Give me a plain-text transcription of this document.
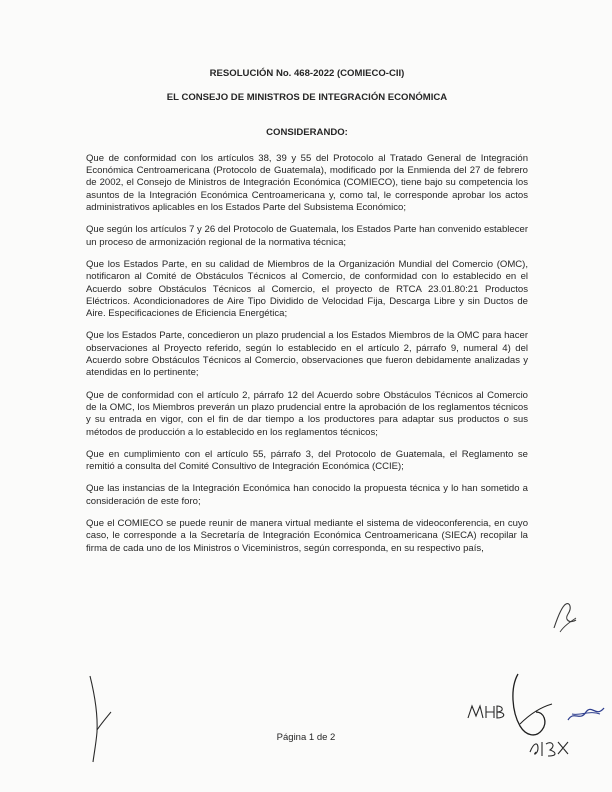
RESOLUCIÓN No. 468-2022 (COMIECO-CII)

EL CONSEJO DE MINISTROS DE INTEGRACIÓN ECONÓMICA

CONSIDERANDO:

Que de conformidad con los artículos 38, 39 y 55 del Protocolo al Tratado General de Integración Económica Centroamericana (Protocolo de Guatemala), modificado por la Enmienda del 27 de febrero de 2002, el Consejo de Ministros de Integración Económica (COMIECO), tiene bajo su competencia los asuntos de la Integración Económica Centroamericana y, como tal, le corresponde aprobar los actos administrativos aplicables en los Estados Parte del Subsistema Económico;

Que según los artículos 7 y 26 del Protocolo de Guatemala, los Estados Parte han convenido establecer un proceso de armonización regional de la normativa técnica;

Que los Estados Parte, en su calidad de Miembros de la Organización Mundial del Comercio (OMC), notificaron al Comité de Obstáculos Técnicos al Comercio, de conformidad con lo establecido en el Acuerdo sobre Obstáculos Técnicos al Comercio, el proyecto de RTCA 23.01.80:21 Productos Eléctricos. Acondicionadores de Aire Tipo Dividido de Velocidad Fija, Descarga Libre y sin Ductos de Aire. Especificaciones de Eficiencia Energética;

Que los Estados Parte, concedieron un plazo prudencial a los Estados Miembros de la OMC para hacer observaciones al Proyecto referido, según lo establecido en el artículo 2, párrafo 9, numeral 4) del Acuerdo sobre Obstáculos Técnicos al Comercio, observaciones que fueron debidamente analizadas y atendidas en lo pertinente;

Que de conformidad con el artículo 2, párrafo 12 del Acuerdo sobre Obstáculos Técnicos al Comercio de la OMC, los Miembros preverán un plazo prudencial entre la aprobación de los reglamentos técnicos y su entrada en vigor, con el fin de dar tiempo a los productores para adaptar sus productos o sus métodos de producción a lo establecido en los reglamentos técnicos;

Que en cumplimiento con el artículo 55, párrafo 3, del Protocolo de Guatemala, el Reglamento se remitió a consulta del Comité Consultivo de Integración Económica (CCIE);

Que las instancias de la Integración Económica han conocido la propuesta técnica y lo han sometido a consideración de este foro;

Que el COMIECO se puede reunir de manera virtual mediante el sistema de videoconferencia, en cuyo caso, le corresponde a la Secretaría de Integración Económica Centroamericana (SIECA) recopilar la firma de cada uno de los Ministros o Viceministros, según corresponda, en su respectivo país,

Página 1 de 2
